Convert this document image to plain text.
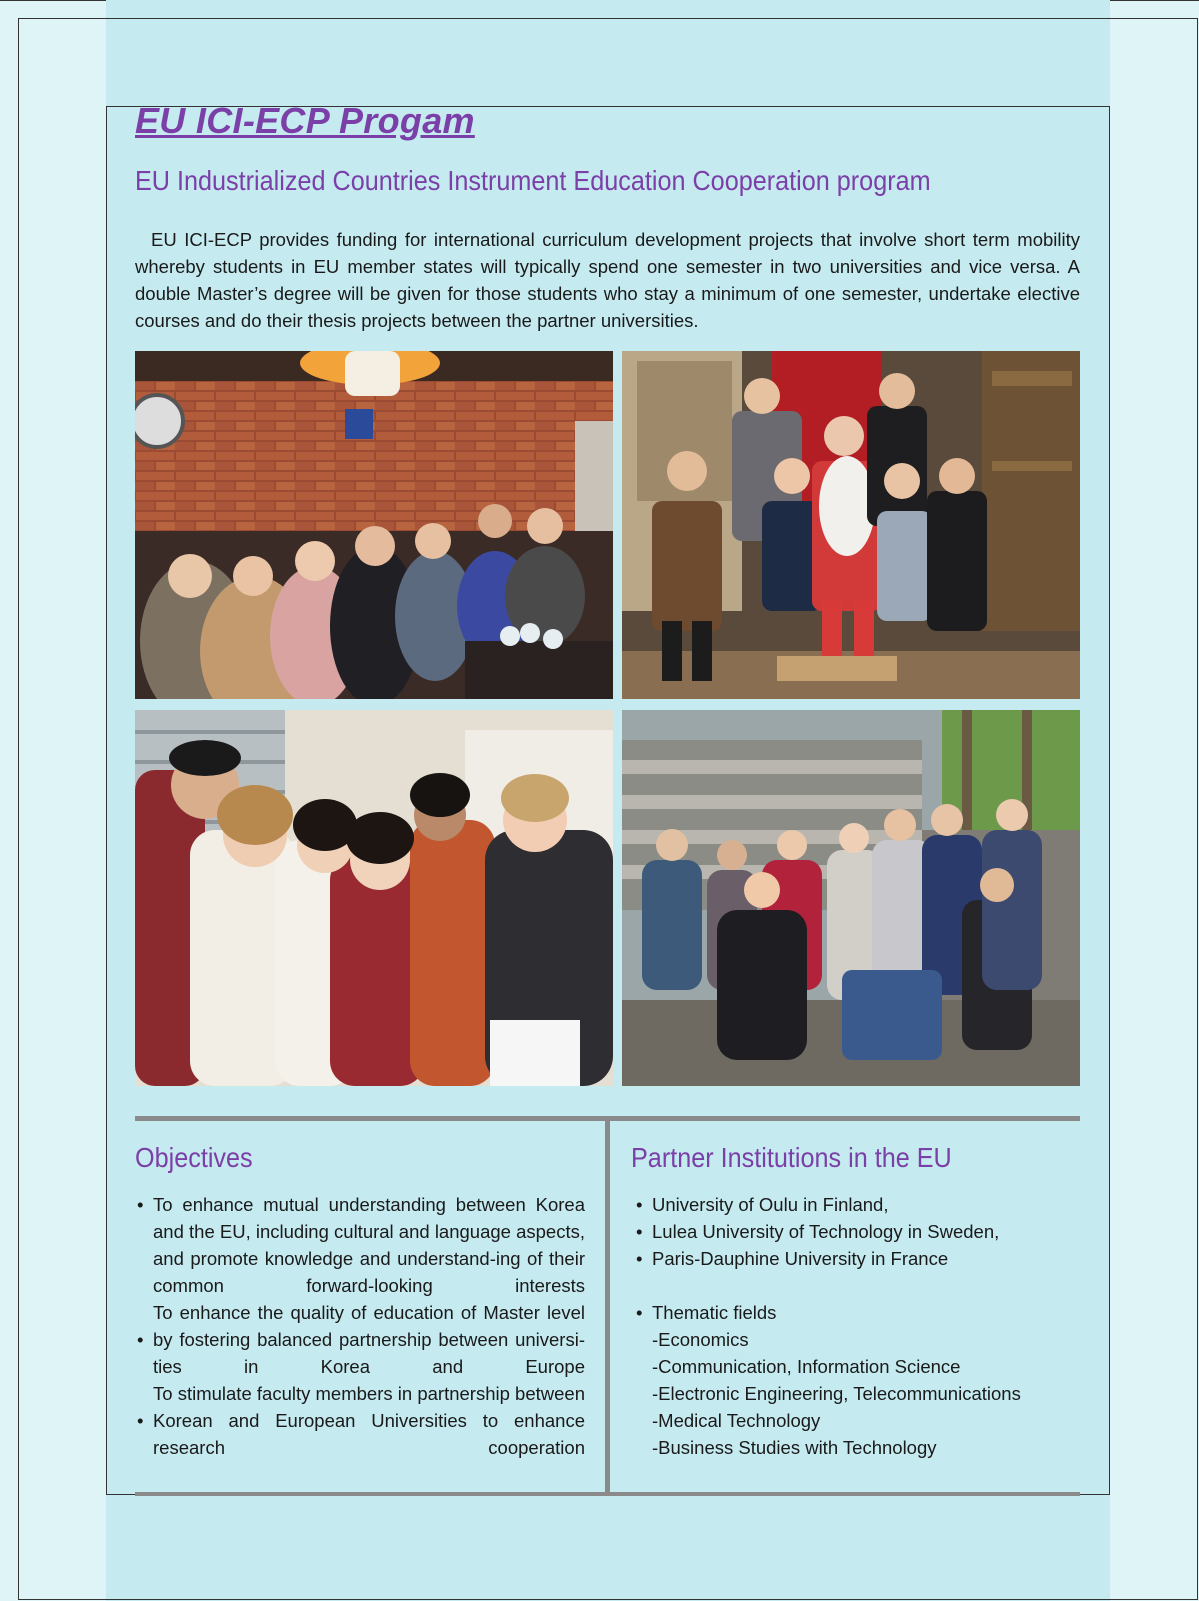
EU ICI-ECP Progam
EU Industrialized Countries Instrument Education Cooperation program

EU ICI-ECP provides funding for international curriculum development projects that involve short term mobility whereby students in EU member states will typically spend one semester in two universities and vice versa. A double Master’s degree will be given for those students who stay a minimum of one semester, undertake elective courses and do their thesis projects between the partner universities.

Objectives	Partner Institutions in the EU
• To enhance mutual understanding between Korea and the EU, including cultural and language aspects, and promote knowledge and understand-ing of their common forward-looking interests
• To enhance the quality of education of Master level by fostering balanced partnership between universi-ties in Korea and Europe
• To stimulate faculty members in partnership between Korean and European Universities to enhance research cooperation
• University of Oulu in Finland,
• Lulea University of Technology in Sweden,
• Paris-Dauphine University in France
• Thematic fields
-Economics
-Communication, Information Science
-Electronic Engineering, Telecommunications
-Medical Technology
-Business Studies with Technology
